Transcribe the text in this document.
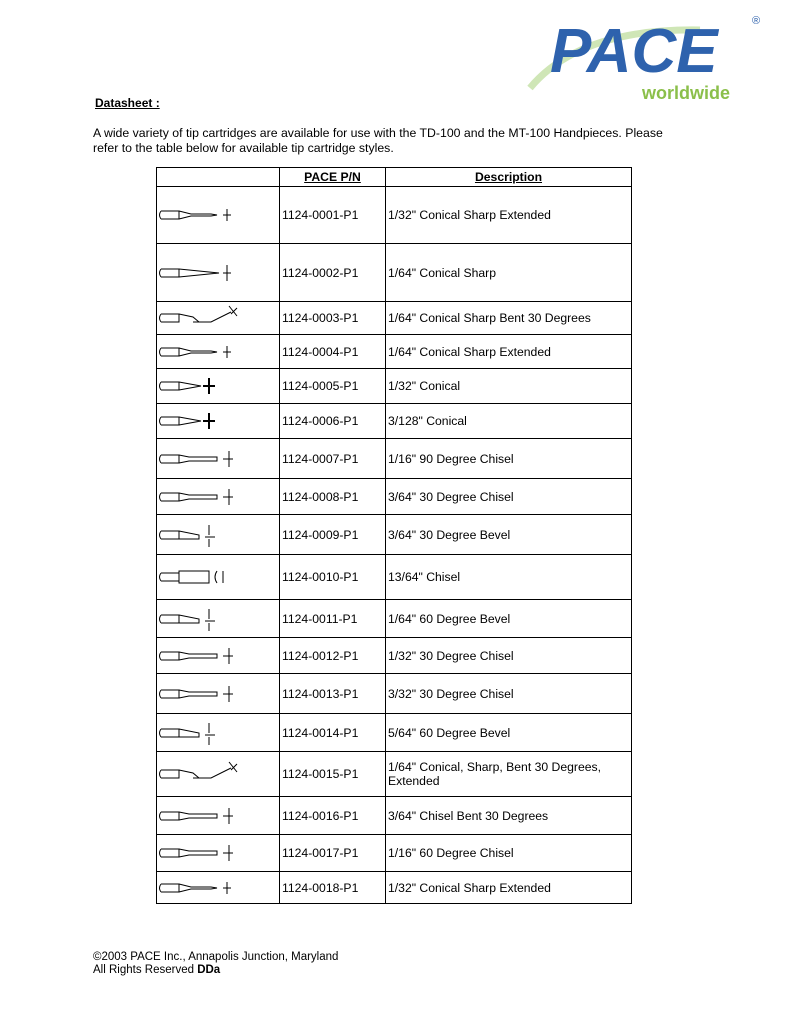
PACE	®
worldwide
Datasheet :
A wide variety of tip cartridges are available for use with the TD-100 and the MT-100 Handpieces. Please
refer to the table below for available tip cartridge styles.
	PACE P/N	Description

	1124-0001-P1	1/32" Conical Sharp Extended

	1124-0002-P1	1/64" Conical Sharp

	1124-0003-P1	1/64" Conical Sharp Bent 30 Degrees

	1124-0004-P1	1/64" Conical Sharp Extended

	1124-0005-P1	1/32" Conical

	1124-0006-P1	3/128" Conical

	1124-0007-P1	1/16" 90 Degree Chisel

	1124-0008-P1	3/64" 30 Degree Chisel

	1124-0009-P1	3/64" 30 Degree Bevel

	1124-0010-P1	13/64" Chisel

	1124-0011-P1	1/64" 60 Degree Bevel

	1124-0012-P1	1/32" 30 Degree Chisel

	1124-0013-P1	3/32" 30 Degree Chisel

	1124-0014-P1	5/64" 60 Degree Bevel

	1124-0015-P1	1/64" Conical, Sharp, Bent 30 Degrees, Extended

	1124-0016-P1	3/64" Chisel Bent 30 Degrees

	1124-0017-P1	1/16" 60 Degree Chisel

	1124-0018-P1	1/32" Conical Sharp Extended
©2003 PACE Inc., Annapolis Junction, Maryland
All Rights Reserved DDa
